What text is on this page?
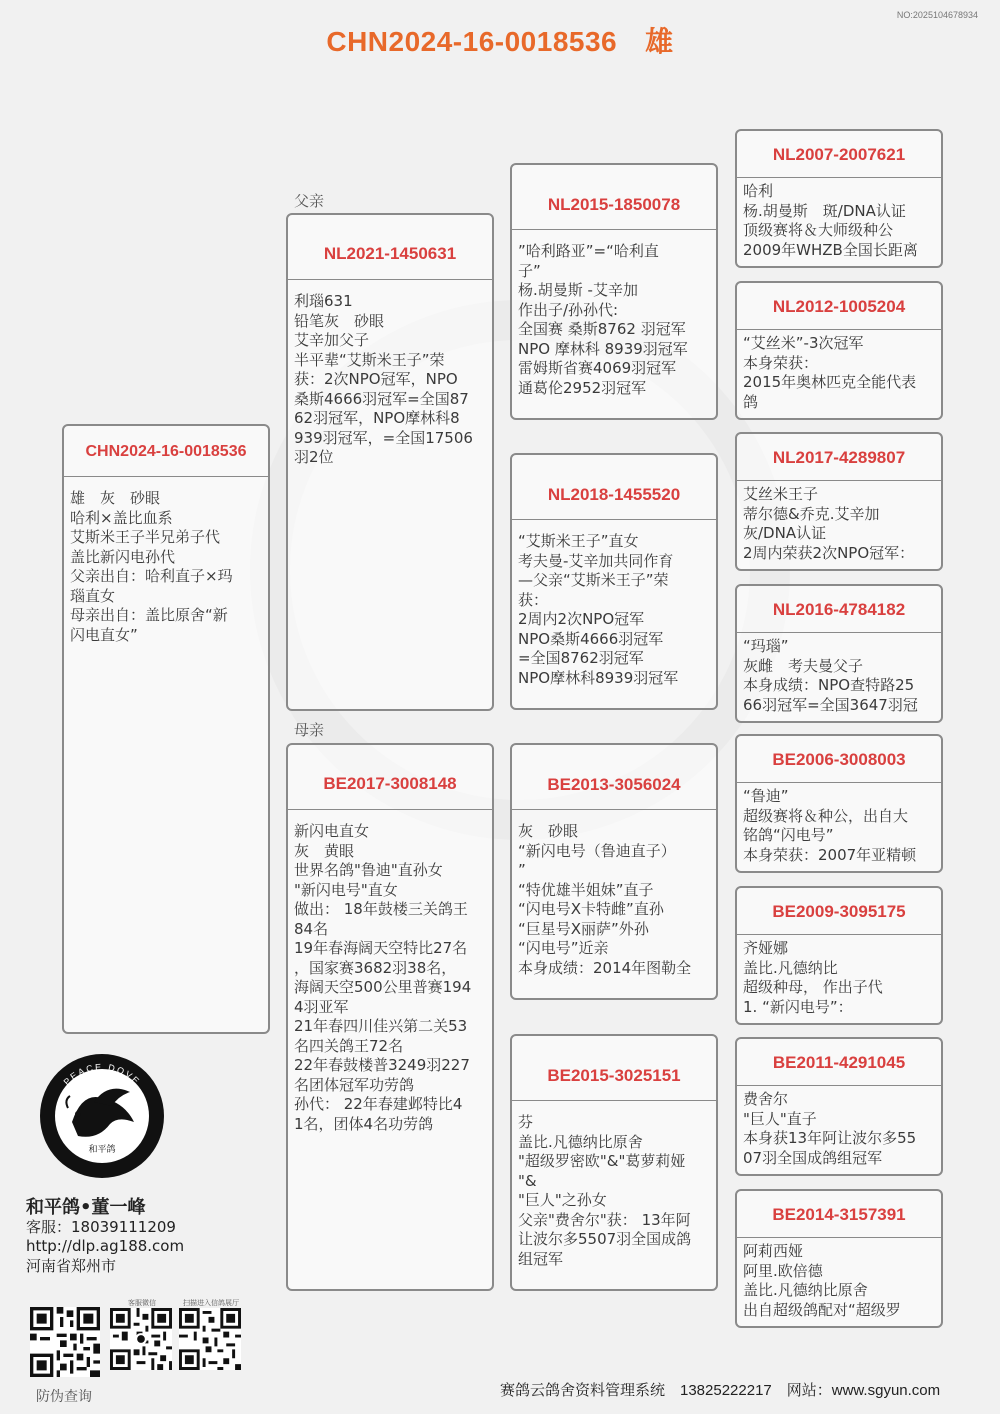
NO:2025104678934
CHN2024-16-0018536 雄
CHN2024-16-0018536
雄　灰　砂眼
哈利×盖比血系
艾斯米王子半兄弟子代
盖比新闪电孙代
父亲出自：哈利直子×玛
瑙直女
母亲出自：盖比原舍“新
闪电直女”
父亲
NL2021-1450631
利瑙631
铅笔灰　砂眼
艾辛加父子
半平辈“艾斯米王子”荣
获：2次NPO冠军，NPO
桑斯4666羽冠军=全国87
62羽冠军，NPO摩林科8
939羽冠军，=全国17506
羽2位
母亲
BE2017-3008148
新闪电直女
灰　黄眼
世界名鸽"鲁迪"直孙女
"新闪电号"直女
做出： 18年鼓楼三关鸽王
84名
19年春海阔天空特比27名
，国家赛3682羽38名，
海阔天空500公里普赛194
4羽亚军
21年春四川佳兴第二关53
名四关鸽王72名
22年春鼓楼普3249羽227
名团体冠军功劳鸽
孙代： 22年春建邺特比4
1名，团体4名功劳鸽
NL2015-1850078
”哈利路亚”=“哈利直
子”
杨.胡曼斯 -艾辛加
作出子/孙孙代:
全国赛 桑斯8762 羽冠军
NPO 摩林科 8939羽冠军
雷姆斯省赛4069羽冠军
通葛伦2952羽冠军
NL2018-1455520
“艾斯米王子”直女
考夫曼-艾辛加共同作育
—父亲“艾斯米王子”荣
获：
2周内2次NPO冠军
NPO桑斯4666羽冠军
=全国8762羽冠军
NPO摩林科8939羽冠军
BE2013-3056024
灰　砂眼
“新闪电号（鲁迪直子）
”
“特优雄半姐妹”直子
“闪电号X卡特雌”直孙
“巨星号X丽萨”外孙
“闪电号”近亲
本身成绩：2014年图勒全
BE2015-3025151
芬
盖比.凡德纳比原舍
"超级罗密欧"&"葛萝莉娅
"&
"巨人"之孙女
父亲"费舍尔"获： 13年阿
让波尔多5507羽全国成鸽
组冠军
NL2007-2007621
哈利
杨.胡曼斯　斑/DNA认证
顶级赛将＆大师级种公
2009年WHZB全国长距离
NL2012-1005204
“艾丝米”-3次冠军
本身荣获：
2015年奥林匹克全能代表
鸽
NL2017-4289807
艾丝米王子
蒂尔德&乔克.艾辛加
灰/DNA认证
2周内荣获2次NPO冠军：
NL2016-4784182
“玛瑙”
灰雌　考夫曼父子
本身成绩：NPO查特路25
66羽冠军=全国3647羽冠
BE2006-3008003
“鲁迪”
超级赛将＆种公，出自大
铭鸽“闪电号”
本身荣获：2007年亚精顿
BE2009-3095175
齐娅娜
盖比.凡德纳比
超级种母， 作出子代
1. “新闪电号”：
BE2011-4291045
费舍尔
"巨人"直子
本身获13年阿让波尔多55
07羽全国成鸽组冠军
BE2014-3157391
阿莉西娅
阿里.欧倍德
盖比.凡德纳比原舍
出自超级鸽配对“超级罗
PEACE DOVE
和平鸽
和平鸽•董一峰
客服：18039111209
http://dlp.ag188.com
河南省郑州市
客服微信	扫描进入信鸽展厅
防伪查询	赛鸽云鸽舍资料管理系统　13825222217　网站：www.sgyun.com
